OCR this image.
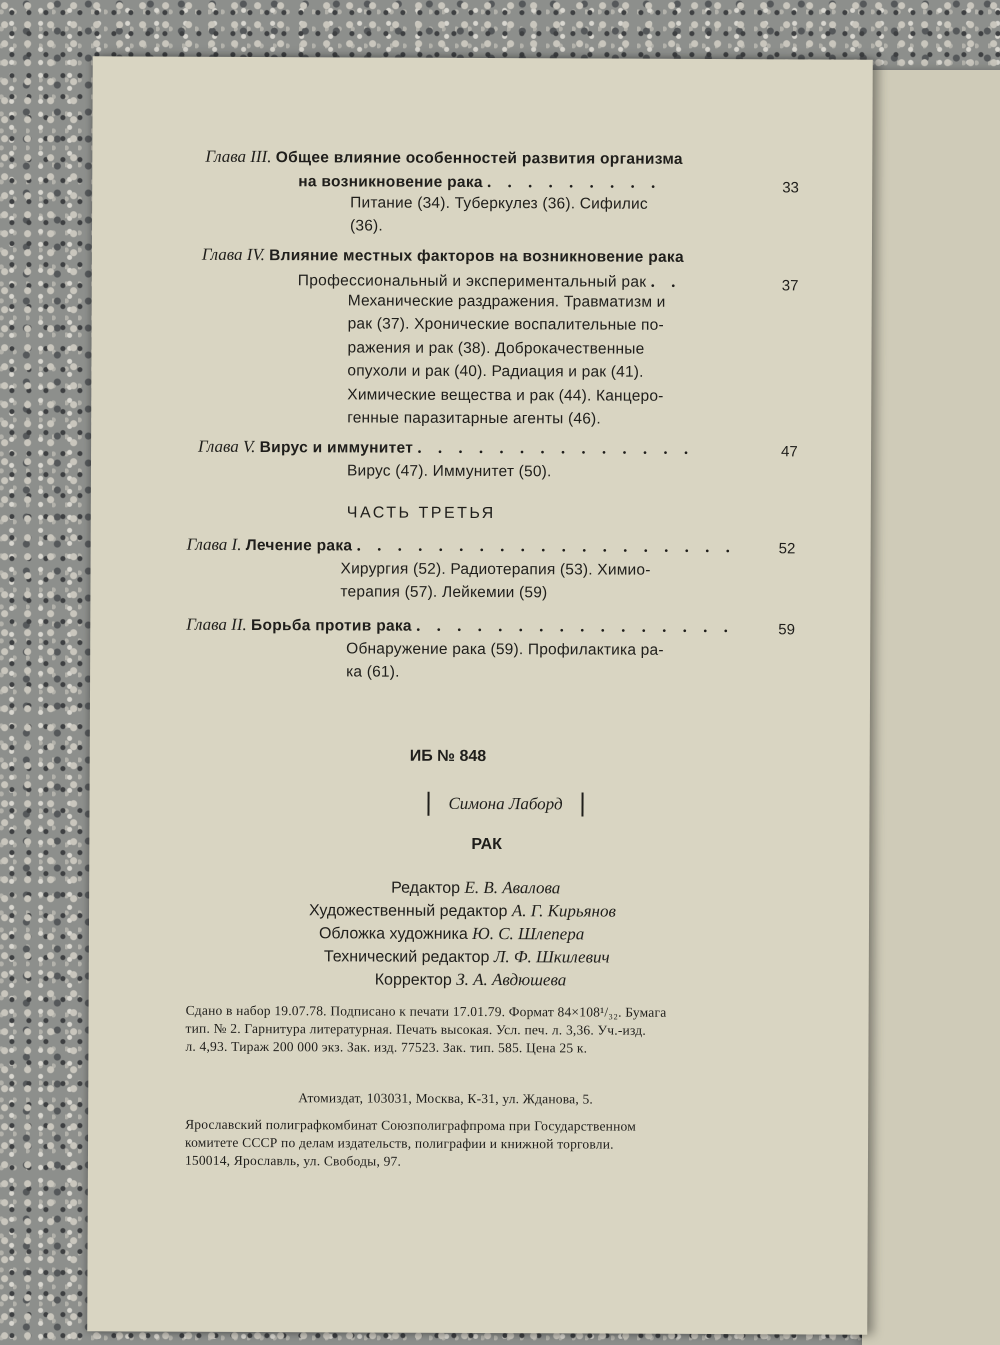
Глава III. Общее влияние особенностей развития организма
на возникновение рака . . . . . . . . .	33
Питание (34). Туберкулез (36). Сифилис
(36).
Глава IV. Влияние местных факторов на возникновение рака
Профессиональный и экспериментальный рак . .	37
Механические раздражения. Травматизм и
рак (37). Хронические воспалительные по-
ражения и рак (38). Доброкачественные
опухоли и рак (40). Радиация и рак (41).
Химические вещества и рак (44). Канцеро-
генные паразитарные агенты (46).
Глава V. Вирус и иммунитет . . . . . . . . . . . . . .	47
Вирус (47). Иммунитет (50).
ЧАСТЬ ТРЕТЬЯ
Глава I. Лечение рака . . . . . . . . . . . . . . . . . . .	52
Хирургия (52). Радиотерапия (53). Химио-
терапия (57). Лейкемии (59)
Глава II. Борьба против рака . . . . . . . . . . . . . . . .	59
Обнаружение рака (59). Профилактика ра-
ка (61).
ИБ № 848
Симона Лаборд
РАК
Редактор Е. В. Авалова
Художественный редактор А. Г. Кирьянов
Обложка художника Ю. С. Шлепера
Технический редактор Л. Ф. Шкилевич
Корректор З. А. Авдюшева
Сдано в набор 19.07.78. Подписано к печати 17.01.79. Формат 84×108¹/₃₂. Бумага
тип. № 2. Гарнитура литературная. Печать высокая. Усл. печ. л. 3,36. Уч.-изд.
л. 4,93. Тираж 200 000 экз. Зак. изд. 77523. Зак. тип. 585. Цена 25 к.
Атомиздат, 103031, Москва, К-31, ул. Жданова, 5.
Ярославский полиграфкомбинат Союзполиграфпрома при Государственном
комитете СССР по делам издательств, полиграфии и книжной торговли.
150014, Ярославль, ул. Свободы, 97.
